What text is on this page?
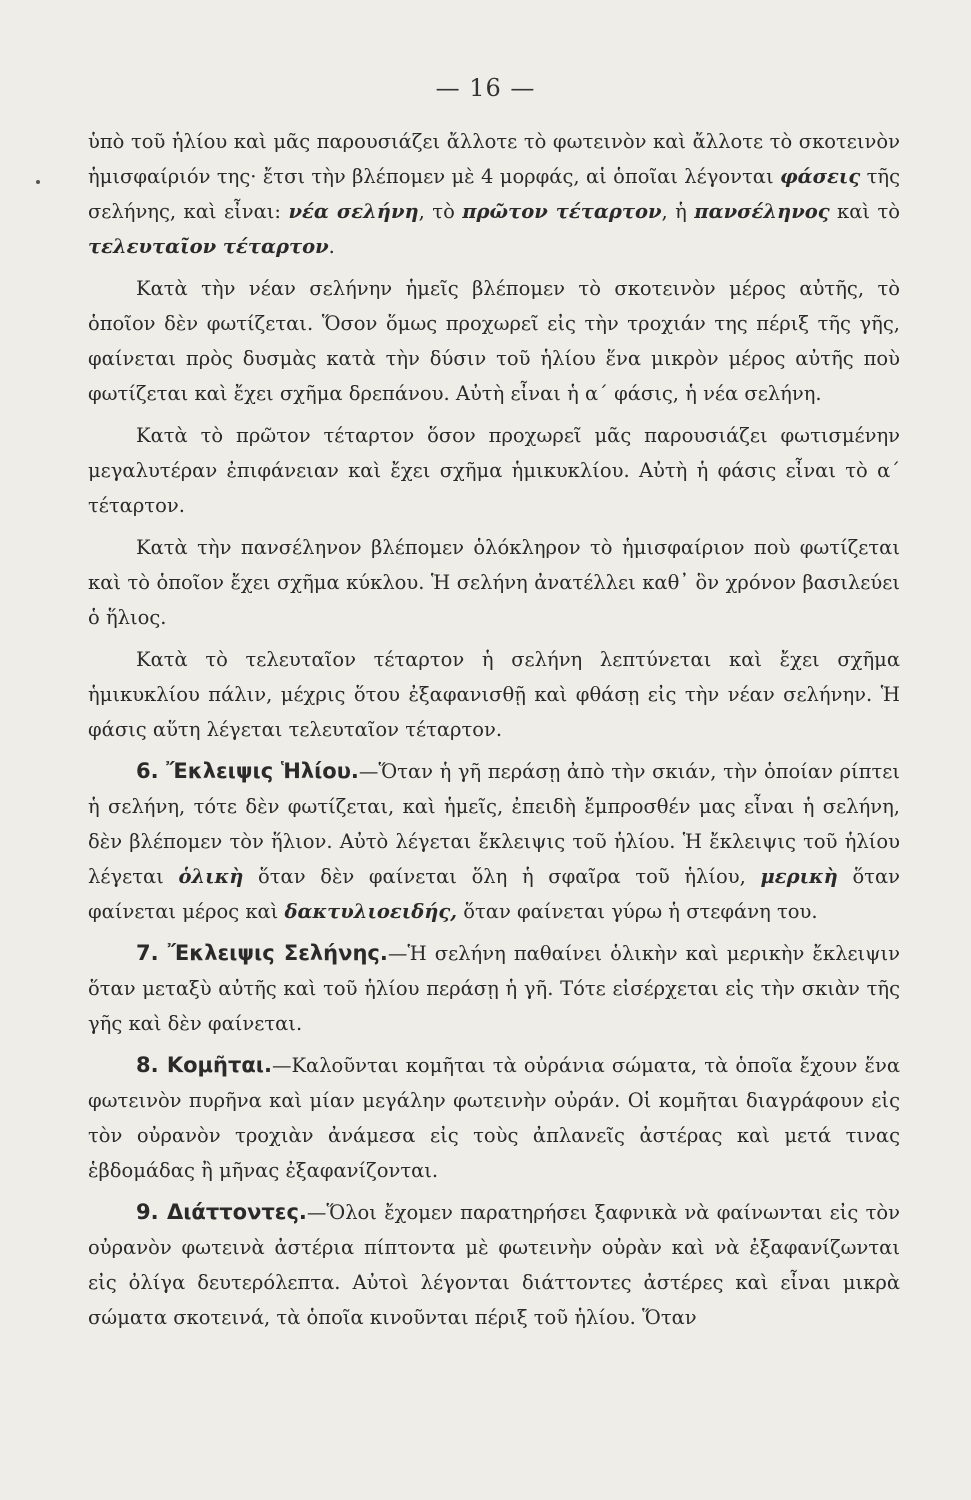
— 16 —

ὑπὸ τοῦ ἡλίου καὶ μᾶς παρουσιάζει ἄλλοτε τὸ φωτεινὸν καὶ ἄλλοτε τὸ σκοτεινὸν ἡμισφαίριόν της· ἔτσι τὴν βλέπομεν μὲ 4 μορφάς, αἱ ὁποῖαι λέγονται φάσεις τῆς σελήνης, καὶ εἶναι: νέα σελήνη, τὸ πρῶτον τέταρτον, ἡ πανσέληνος καὶ τὸ τελευταῖον τέταρτον.

Κατὰ τὴν νέαν σελήνην ἡμεῖς βλέπομεν τὸ σκοτεινὸν μέρος αὐτῆς, τὸ ὁποῖον δὲν φωτίζεται. Ὅσον ὅμως προχωρεῖ εἰς τὴν τροχιάν της πέριξ τῆς γῆς, φαίνεται πρὸς δυσμὰς κατὰ τὴν δύσιν τοῦ ἡλίου ἕνα μικρὸν μέρος αὐτῆς ποὺ φωτίζεται καὶ ἔχει σχῆμα δρεπάνου. Αὐτὴ εἶναι ἡ α΄ φάσις, ἡ νέα σελήνη.

Κατὰ τὸ πρῶτον τέταρτον ὅσον προχωρεῖ μᾶς παρουσιάζει φωτισμένην μεγαλυτέραν ἐπιφάνειαν καὶ ἔχει σχῆμα ἡμικυκλίου. Αὐτὴ ἡ φάσις εἶναι τὸ α΄ τέταρτον.

Κατὰ τὴν πανσέληνον βλέπομεν ὁλόκληρον τὸ ἡμισφαίριον ποὺ φωτίζεται καὶ τὸ ὁποῖον ἔχει σχῆμα κύκλου. Ἡ σελήνη ἀνατέλλει καθ᾽ ὃν χρόνον βασιλεύει ὁ ἥλιος.

Κατὰ τὸ τελευταῖον τέταρτον ἡ σελήνη λεπτύνεται καὶ ἔχει σχῆμα ἡμικυκλίου πάλιν, μέχρις ὅτου ἐξαφανισθῇ καὶ φθάσῃ εἰς τὴν νέαν σελήνην. Ἡ φάσις αὕτη λέγεται τελευταῖον τέταρτον.

6. Ἔκλειψις Ἡλίου.—Ὅταν ἡ γῆ περάσῃ ἀπὸ τὴν σκιάν, τὴν ὁποίαν ρίπτει ἡ σελήνη, τότε δὲν φωτίζεται, καὶ ἡμεῖς, ἐπειδὴ ἔμπροσθέν μας εἶναι ἡ σελήνη, δὲν βλέπομεν τὸν ἥλιον. Αὐτὸ λέγεται ἔκλειψις τοῦ ἡλίου. Ἡ ἔκλειψις τοῦ ἡλίου λέγεται ὁλικὴ ὅταν δὲν φαίνεται ὅλη ἡ σφαῖρα τοῦ ἡλίου, μερικὴ ὅταν φαίνεται μέρος καὶ δακτυλιοειδής, ὅταν φαίνεται γύρω ἡ στεφάνη του.

7. Ἔκλειψις Σελήνης.—Ἡ σελήνη παθαίνει ὁλικὴν καὶ μερικὴν ἔκλειψιν ὅταν μεταξὺ αὐτῆς καὶ τοῦ ἡλίου περάσῃ ἡ γῆ. Τότε εἰσέρχεται εἰς τὴν σκιὰν τῆς γῆς καὶ δὲν φαίνεται.

8. Κομῆται.—Καλοῦνται κομῆται τὰ οὐράνια σώματα, τὰ ὁποῖα ἔχουν ἕνα φωτεινὸν πυρῆνα καὶ μίαν μεγάλην φωτεινὴν οὐράν. Οἱ κομῆται διαγράφουν εἰς τὸν οὐρανὸν τροχιὰν ἀνάμεσα εἰς τοὺς ἀπλανεῖς ἀστέρας καὶ μετά τινας ἑβδομάδας ἢ μῆνας ἐξαφανίζονται.

9. Διάττοντες.—Ὅλοι ἔχομεν παρατηρήσει ξαφνικὰ νὰ φαίνωνται εἰς τὸν οὐρανὸν φωτεινὰ ἀστέρια πίπτοντα μὲ φωτεινὴν οὐρὰν καὶ νὰ ἐξαφανίζωνται εἰς ὀλίγα δευτερόλεπτα. Αὐτοὶ λέγονται διάττοντες ἀστέρες καὶ εἶναι μικρὰ σώματα σκοτεινά, τὰ ὁποῖα κινοῦνται πέριξ τοῦ ἡλίου. Ὅταν
